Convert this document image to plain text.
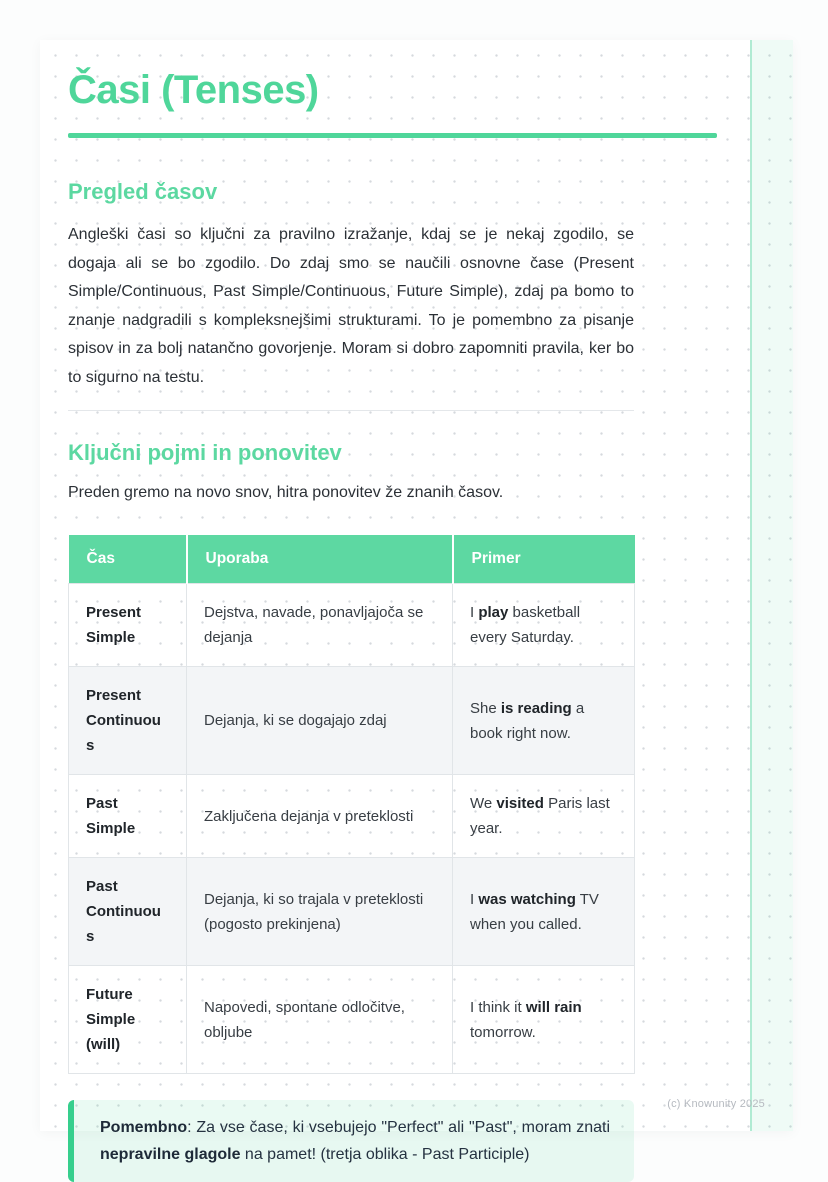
Časi (Tenses)
Pregled časov

Angleški časi so ključni za pravilno izražanje, kdaj se je nekaj zgodilo, se dogaja ali se bo zgodilo. Do zdaj smo se naučili osnovne čase (Present Simple/Continuous, Past Simple/Continuous, Future Simple), zdaj pa bomo to znanje nadgradili s kompleksnejšimi strukturami. To je pomembno za pisanje spisov in za bolj natančno govorjenje. Moram si dobro zapomniti pravila, ker bo to sigurno na testu.

Ključni pojmi in ponovitev

Preden gremo na novo snov, hitra ponovitev že znanih časov.

Čas	Uporaba	Primer
Present Simple	Dejstva, navade, ponavljajoča se dejanja	I play basketball every Saturday.
Present Continuous	Dejanja, ki se dogajajo zdaj	She is reading a book right now.
Past Simple	Zaključena dejanja v preteklosti	We visited Paris last year.
Past Continuous	Dejanja, ki so trajala v preteklosti (pogosto prekinjena)	I was watching TV when you called.
Future Simple (will)	Napovedi, spontane odločitve, obljube	I think it will rain tomorrow.
Pomembno: Za vse čase, ki vsebujejo "Perfect" ali "Past", moram znati nepravilne glagole na pamet! (tretja oblika - Past Participle)
(c) Knowunity 2025
